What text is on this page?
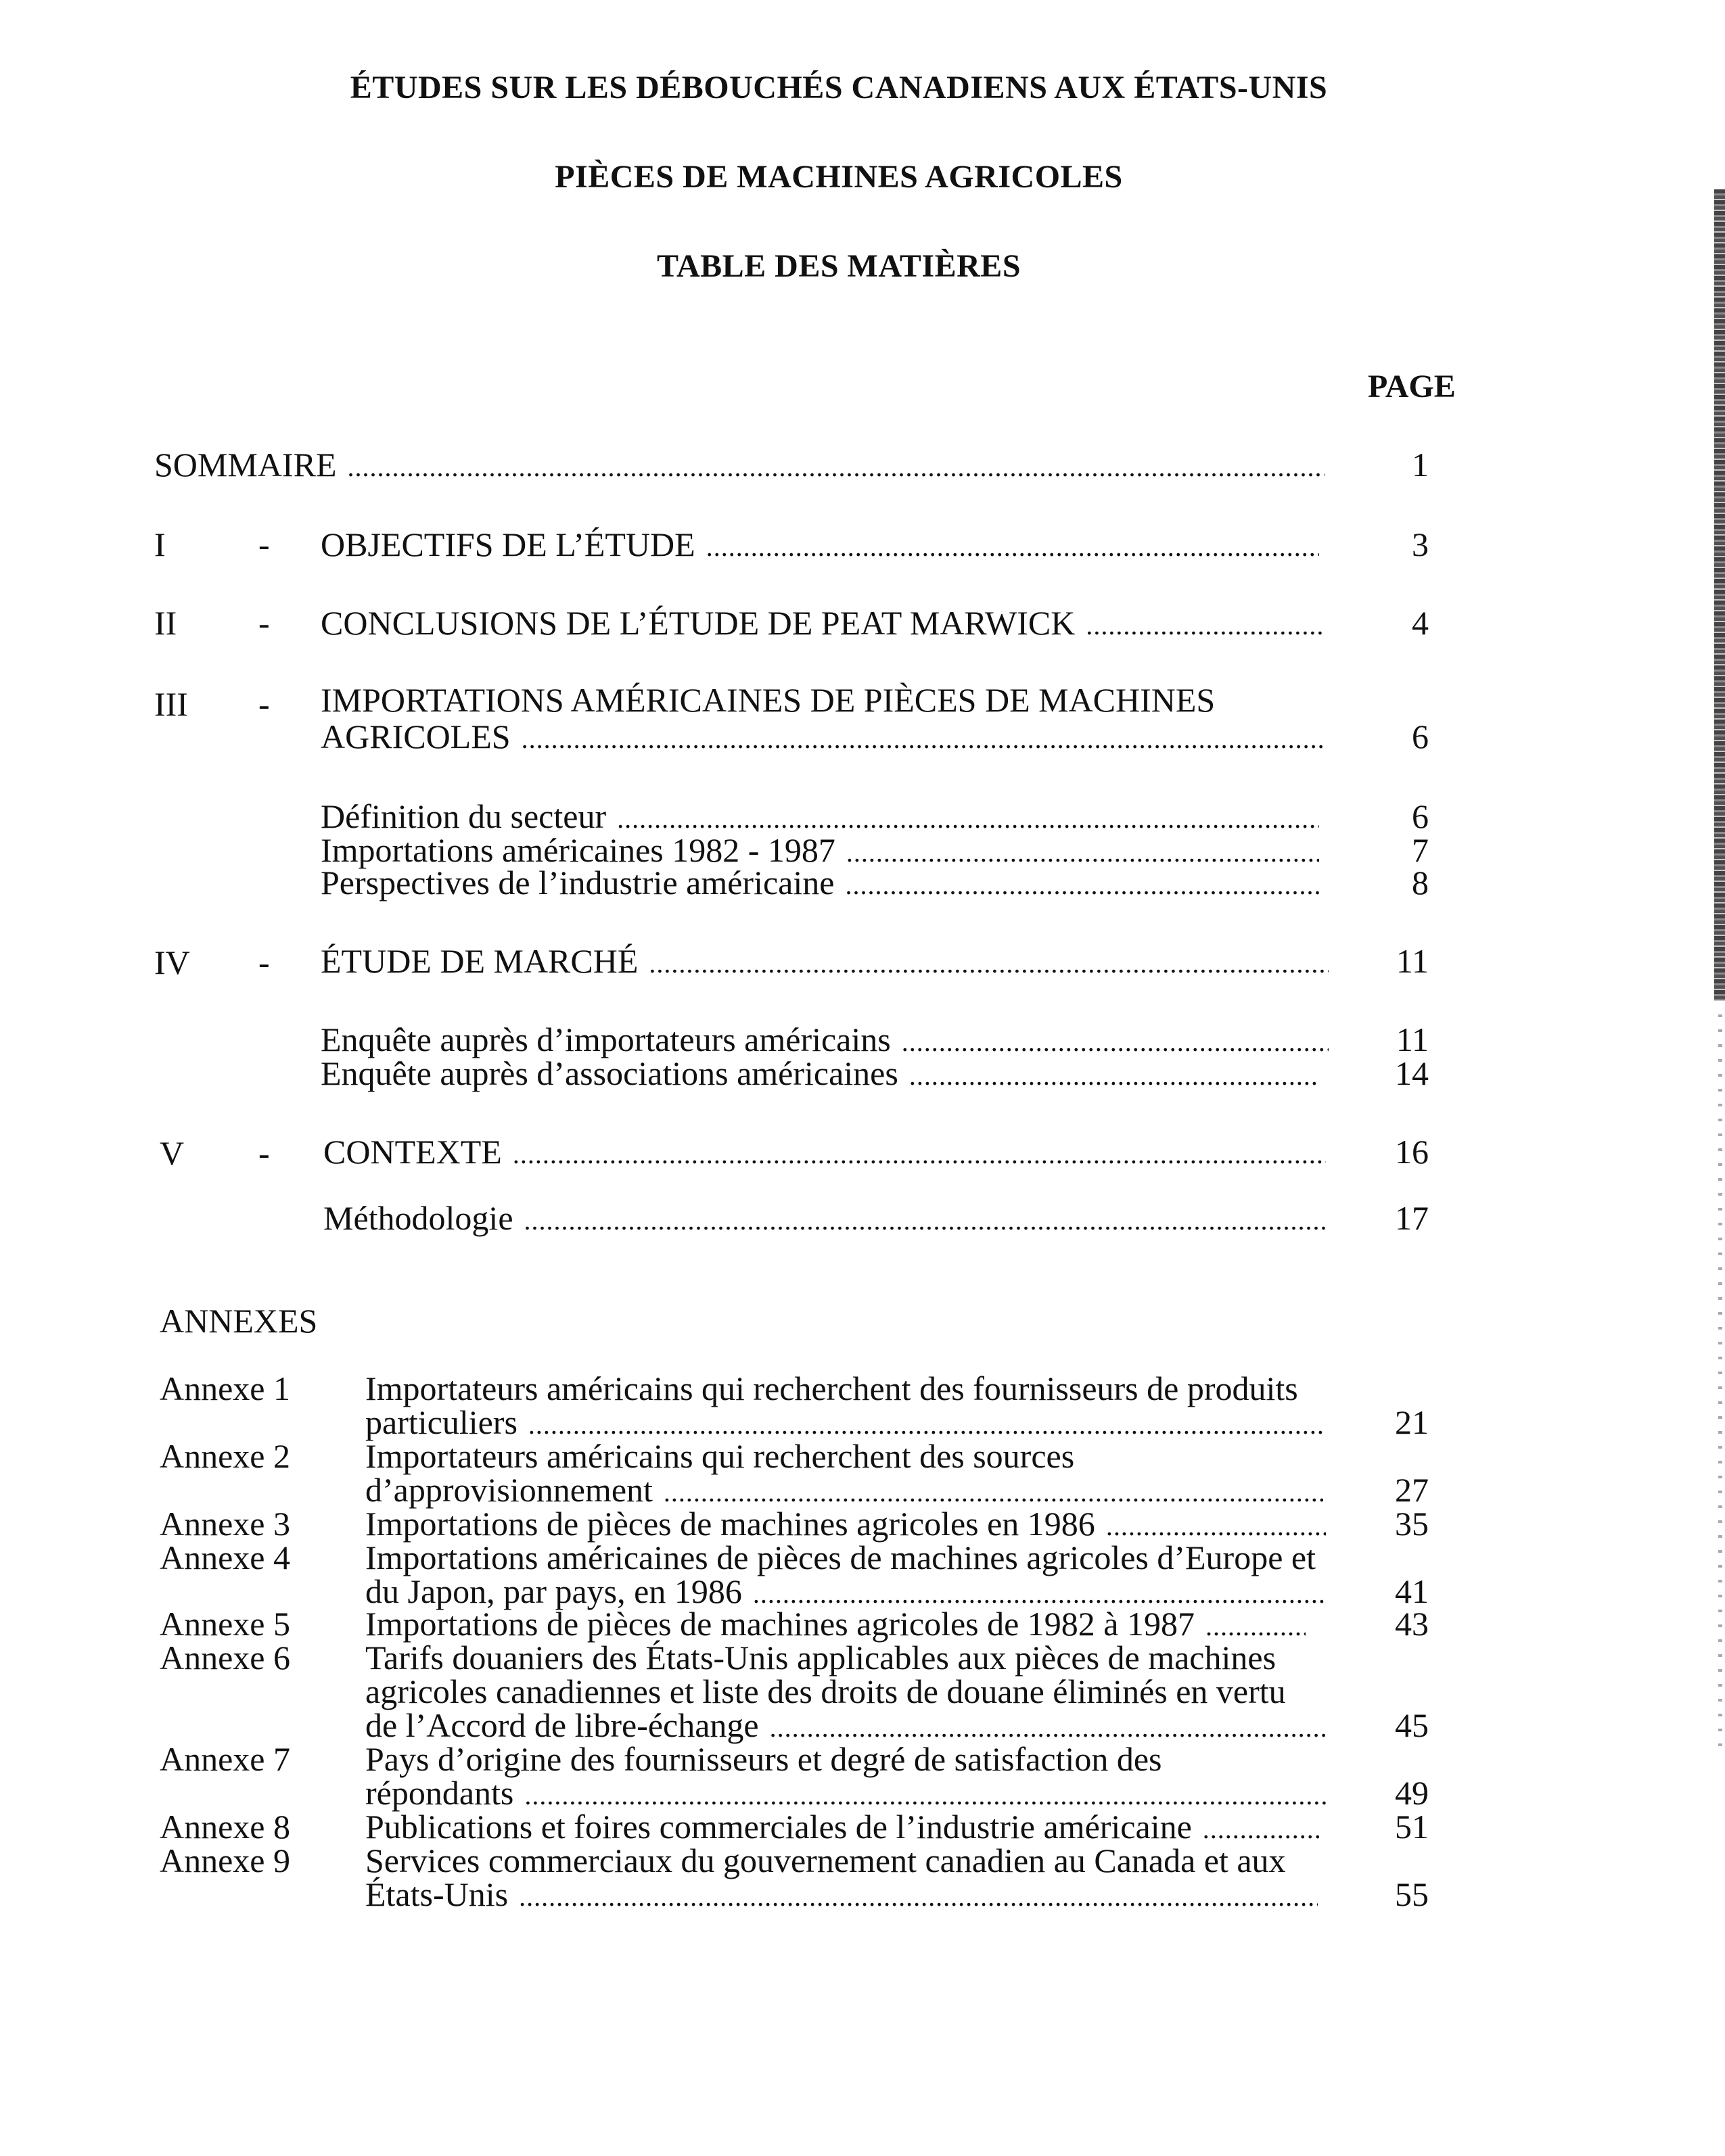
ÉTUDES SUR LES DÉBOUCHÉS CANADIENS AUX ÉTATS-UNIS
PIÈCES DE MACHINES AGRICOLES
TABLE DES MATIÈRES
PAGE
SOMMAIRE .....	1
I	- OBJECTIFS DE L’ÉTUDE .....	3
II - CONCLUSIONS DE L’ÉTUDE DE PEAT MARWICK .....	4
III - IMPORTATIONS AMÉRICAINES DE PIÈCES DE MACHINES
AGRICOLES .....	6
Définition du secteur .....	6
Importations américaines 1982 - 1987 .....	7
Perspectives de l’industrie américaine .....	8
IV - ÉTUDE DE MARCHÉ .....	11
Enquête auprès d’importateurs américains .....	11
Enquête auprès d’associations américaines .....	14
V - CONTEXTE .....	16
Méthodologie .....	17
ANNEXES
Annexe 1 Importateurs américains qui recherchent des fournisseurs de produits
particuliers .....	21
Annexe 2 Importateurs américains qui recherchent des sources
d’approvisionnement .....	27
Annexe 3 Importations de pièces de machines agricoles en 1986 .....	35
Annexe 4 Importations américaines de pièces de machines agricoles d’Europe et
du Japon, par pays, en 1986 .....	41
Annexe 5 Importations de pièces de machines agricoles de 1982 à 1987 .....	43
Annexe 6 Tarifs douaniers des États-Unis applicables aux pièces de machines
agricoles canadiennes et liste des droits de douane éliminés en vertu
de l’Accord de libre-échange .....	45
Annexe 7 Pays d’origine des fournisseurs et degré de satisfaction des
répondants .....	49
Annexe 8 Publications et foires commerciales de l’industrie américaine .....	51
Annexe 9 Services commerciaux du gouvernement canadien au Canada et aux
États-Unis .....	55
